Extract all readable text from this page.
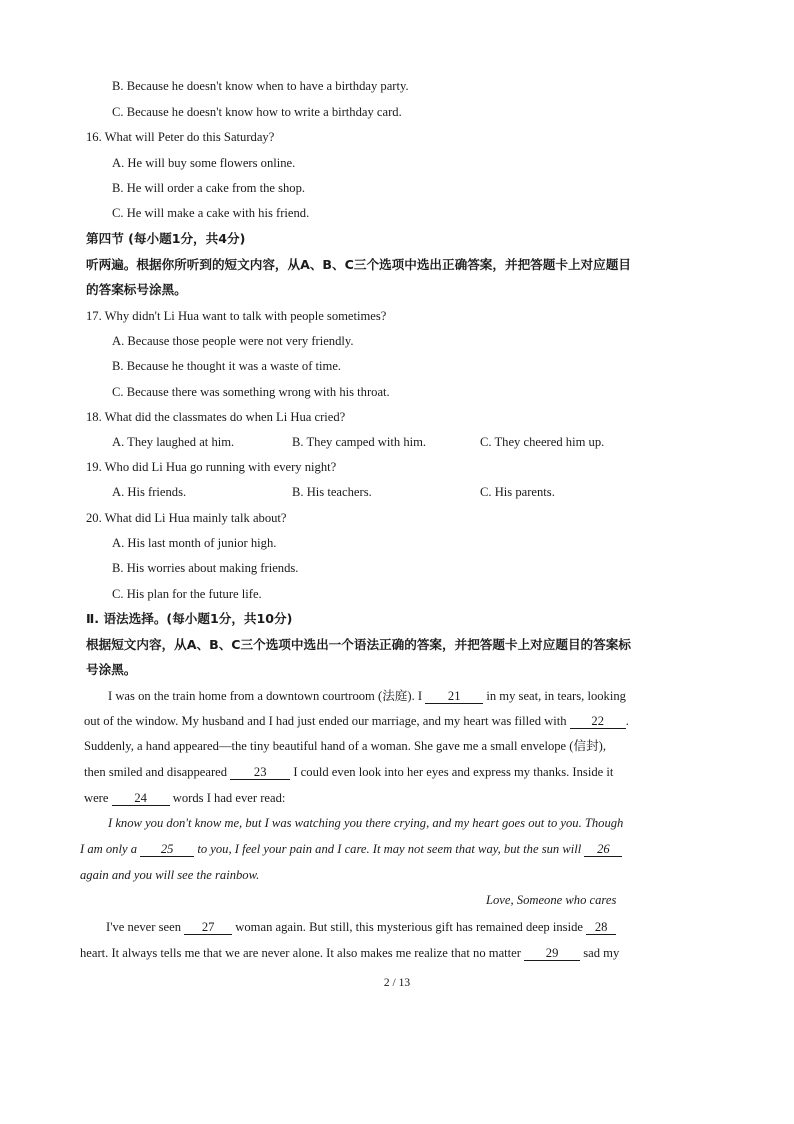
B. Because he doesn't know when to have a birthday party.
C. Because he doesn't know how to write a birthday card.
16. What will Peter do this Saturday?
A. He will buy some flowers online.
B. He will order a cake from the shop.
C. He will make a cake with his friend.
第四节 (每小题1分，共4分)
听两遍。根据你所听到的短文内容，从A、B、C三个选项中选出正确答案，并把答题卡上对应题目
的答案标号涂黑。
17. Why didn't Li Hua want to talk with people sometimes?
A. Because those people were not very friendly.
B. Because he thought it was a waste of time.
C. Because there was something wrong with his throat.
18. What did the classmates do when Li Hua cried?
A. They laughed at him.	B. They camped with him.	C. They cheered him up.
19. Who did Li Hua go running with every night?
A. His friends.	B. His teachers.	C. His parents.
20. What did Li Hua mainly talk about?
A. His last month of junior high.
B. His worries about making friends.
C. His plan for the future life.
Ⅱ. 语法选择。(每小题1分，共10分)
根据短文内容，从A、B、C三个选项中选出一个语法正确的答案，并把答题卡上对应题目的答案标
号涂黑。
I was on the train home from a downtown courtroom (法庭). I 21 in my seat, in tears, looking
out of the window. My husband and I had just ended our marriage, and my heart was filled with 22 .
Suddenly, a hand appeared—the tiny beautiful hand of a woman. She gave me a small envelope (信封),
then smiled and disappeared 23 I could even look into her eyes and express my thanks. Inside it
were 24 words I had ever read:
I know you don't know me, but I was watching you there crying, and my heart goes out to you. Though
I am only a 25 to you, I feel your pain and I care. It may not seem that way, but the sun will 26
again and you will see the rainbow.
Love, Someone who cares
I've never seen 27 woman again. But still, this mysterious gift has remained deep inside 28
heart. It always tells me that we are never alone. It also makes me realize that no matter 29 sad my
2 / 13
